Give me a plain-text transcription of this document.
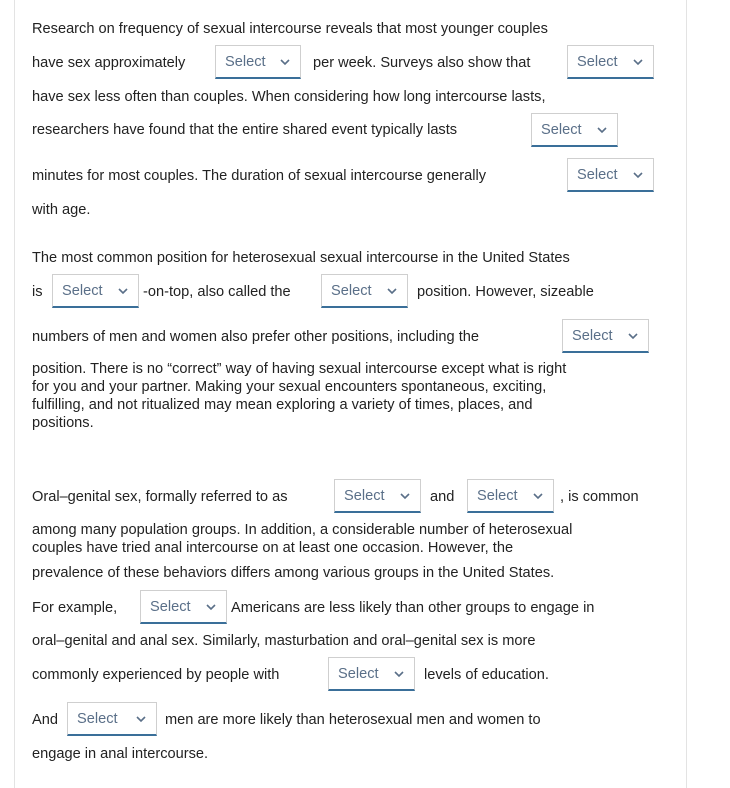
Research on frequency of sexual intercourse reveals that most younger couples
have sex approximately	Select	per week. Surveys also show that	Select
have sex less often than couples. When considering how long intercourse lasts,
researchers have found that the entire shared event typically lasts	Select
minutes for most couples. The duration of sexual intercourse generally	Select
with age.
The most common position for heterosexual sexual intercourse in the United States
is Select	-on-top, also called the	Select	position. However, sizeable
numbers of men and women also prefer other positions, including the	Select
position. There is no “correct” way of having sexual intercourse except what is right
for you and your partner. Making your sexual encounters spontaneous, exciting,
fulfilling, and not ritualized may mean exploring a variety of times, places, and
positions.
Oral–genital sex, formally referred to as	Select	and Select	, is common
among many population groups. In addition, a considerable number of heterosexual
couples have tried anal intercourse on at least one occasion. However, the
prevalence of these behaviors differs among various groups in the United States.
For example, Select	Americans are less likely than other groups to engage in
oral–genital and anal sex. Similarly, masturbation and oral–genital sex is more
commonly experienced by people with	Select	levels of education.
And Select	men are more likely than heterosexual men and women to
engage in anal intercourse.
